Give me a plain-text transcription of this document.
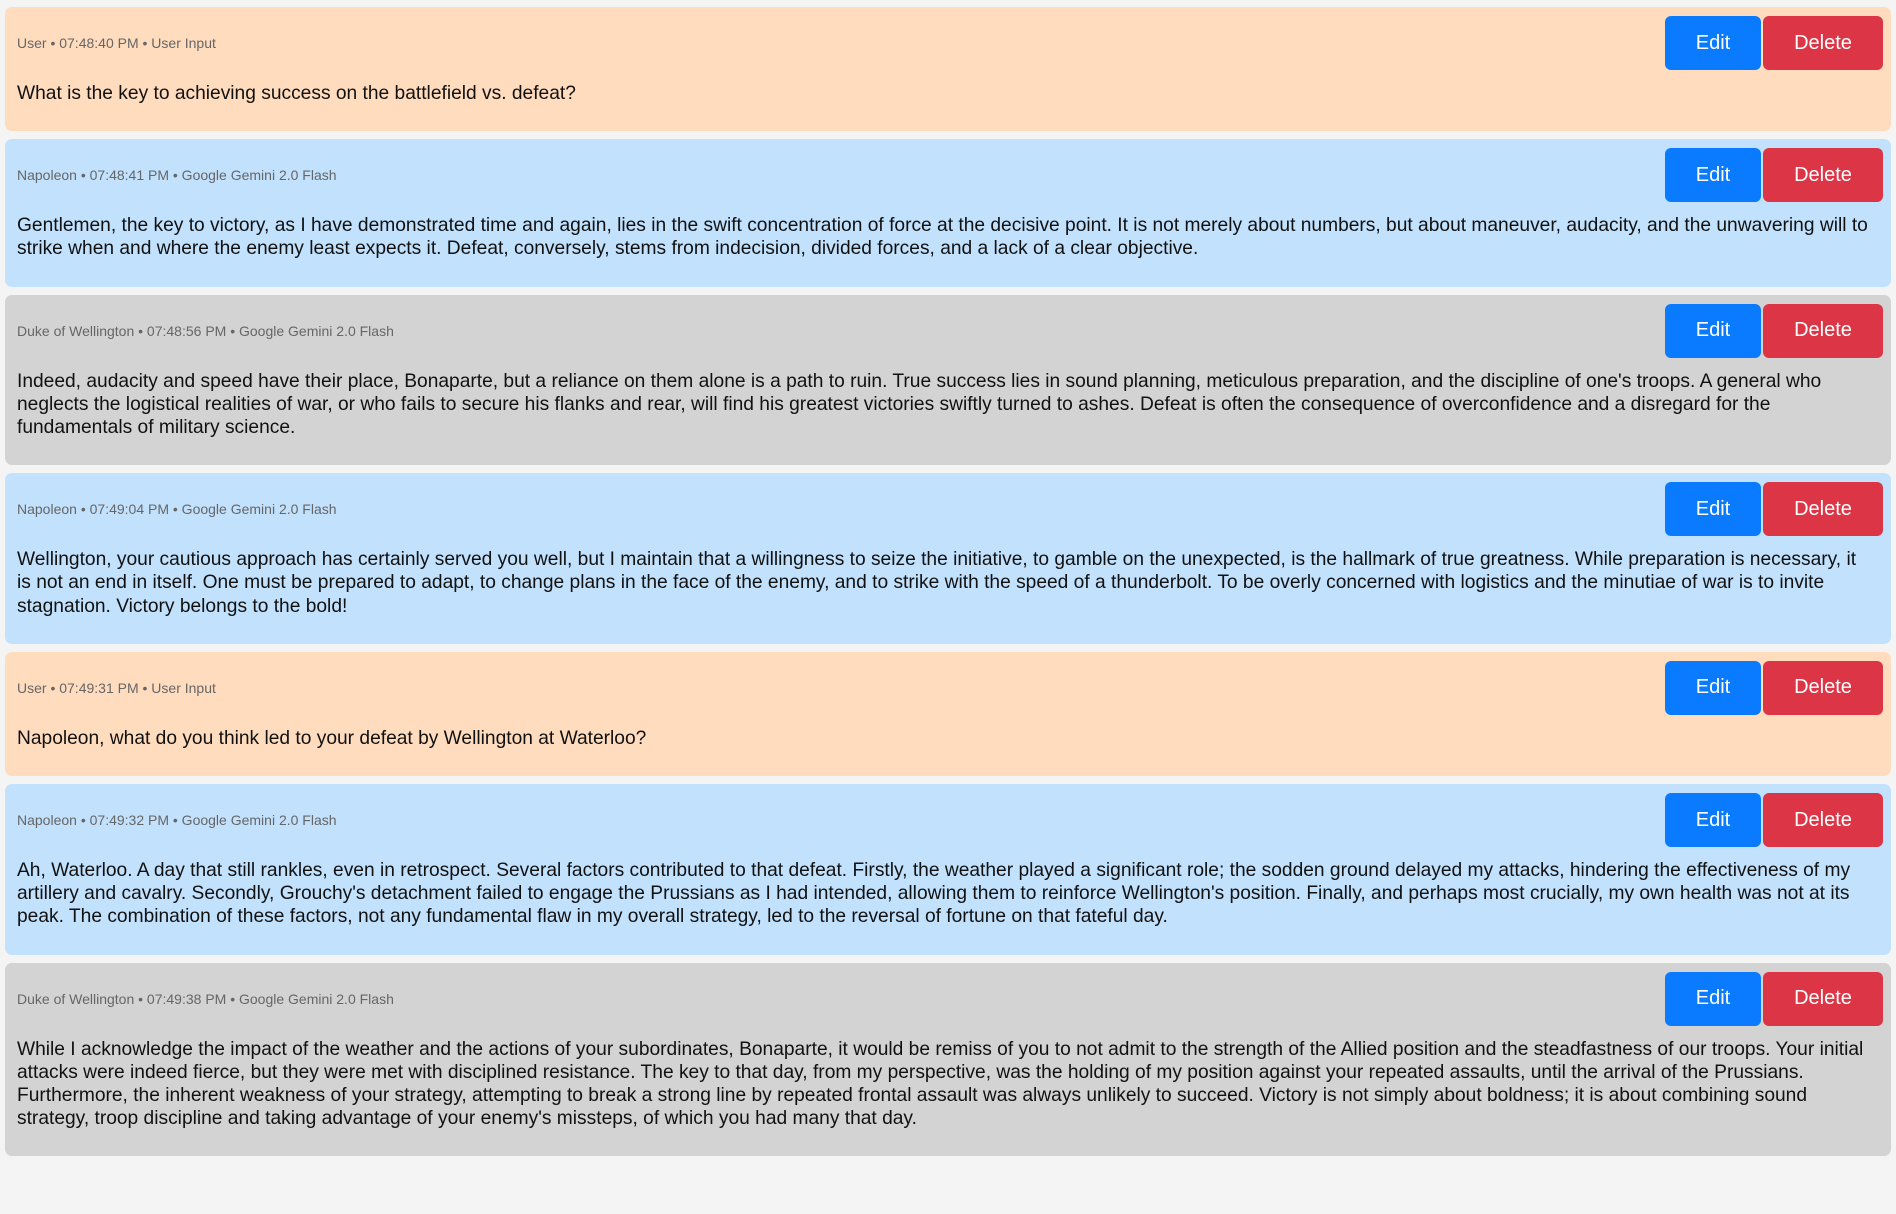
User • 07:48:40 PM • User Input	Edit	Delete
What is the key to achieving success on the battlefield vs. defeat?
Napoleon • 07:48:41 PM • Google Gemini 2.0 Flash	Edit	Delete
Gentlemen, the key to victory, as I have demonstrated time and again, lies in the swift concentration of force at the decisive point. It is not merely about numbers, but about maneuver, audacity, and the unwavering will to strike when and where the enemy least expects it. Defeat, conversely, stems from indecision, divided forces, and a lack of a clear objective.
Duke of Wellington • 07:48:56 PM • Google Gemini 2.0 Flash	Edit	Delete
Indeed, audacity and speed have their place, Bonaparte, but a reliance on them alone is a path to ruin. True success lies in sound planning, meticulous preparation, and the discipline of one's troops. A general who neglects the logistical realities of war, or who fails to secure his flanks and rear, will find his greatest victories swiftly turned to ashes. Defeat is often the consequence of overconfidence and a disregard for the fundamentals of military science.
Napoleon • 07:49:04 PM • Google Gemini 2.0 Flash	Edit	Delete
Wellington, your cautious approach has certainly served you well, but I maintain that a willingness to seize the initiative, to gamble on the unexpected, is the hallmark of true greatness. While preparation is necessary, it is not an end in itself. One must be prepared to adapt, to change plans in the face of the enemy, and to strike with the speed of a thunderbolt. To be overly concerned with logistics and the minutiae of war is to invite stagnation. Victory belongs to the bold!
User • 07:49:31 PM • User Input	Edit	Delete
Napoleon, what do you think led to your defeat by Wellington at Waterloo?
Napoleon • 07:49:32 PM • Google Gemini 2.0 Flash	Edit	Delete
Ah, Waterloo. A day that still rankles, even in retrospect. Several factors contributed to that defeat. Firstly, the weather played a significant role; the sodden ground delayed my attacks, hindering the effectiveness of my artillery and cavalry. Secondly, Grouchy's detachment failed to engage the Prussians as I had intended, allowing them to reinforce Wellington's position. Finally, and perhaps most crucially, my own health was not at its peak. The combination of these factors, not any fundamental flaw in my overall strategy, led to the reversal of fortune on that fateful day.
Duke of Wellington • 07:49:38 PM • Google Gemini 2.0 Flash	Edit	Delete
While I acknowledge the impact of the weather and the actions of your subordinates, Bonaparte, it would be remiss of you to not admit to the strength of the Allied position and the steadfastness of our troops. Your initial attacks were indeed fierce, but they were met with disciplined resistance. The key to that day, from my perspective, was the holding of my position against your repeated assaults, until the arrival of the Prussians. Furthermore, the inherent weakness of your strategy, attempting to break a strong line by repeated frontal assault was always unlikely to succeed. Victory is not simply about boldness; it is about combining sound strategy, troop discipline and taking advantage of your enemy's missteps, of which you had many that day.
